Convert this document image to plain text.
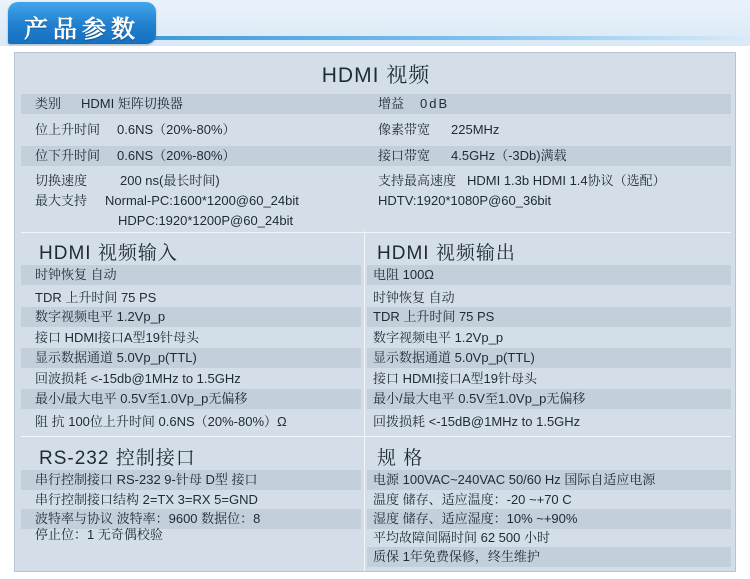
产品参数
HDMI 视频
类别 HDMI 矩阵切换器	增益 0dB
位上升时间 0.6NS（20%-80%）	像素带宽 225MHz
位下升时间 0.6NS（20%-80%）	接口带宽 4.5GHz（-3Db)满载
切换速度	200 ns(最长时间)	支持最高速度 HDMI 1.3b HDMI 1.4协议（选配）
最大支持 Normal-PC:1600*1200@60_24bit	HDTV:1920*1080P@60_36bit
HDPC:1920*1200P@60_24bit
HDMI 视频输入
时钟恢复 自动
TDR 上升时间 75 PS
数字视频电平 1.2Vp_p
接口 HDMI接口A型19针母头
显示数据通道 5.0Vp_p(TTL)
回波损耗 <-15db@1MHz to 1.5GHz
最小/最大电平 0.5V至1.0Vp_p无偏移
阻 抗 100位上升时间 0.6NS（20%-80%）Ω
HDMI 视频输出
电阻 100Ω
时钟恢复 自动
TDR 上升时间 75 PS
数字视频电平 1.2Vp_p
显示数据通道 5.0Vp_p(TTL)
接口 HDMI接口A型19针母头
最小/最大电平 0.5V至1.0Vp_p无偏移
回拨损耗 <-15dB@1MHz to 1.5GHz
RS-232 控制接口
串行控制接口 RS-232 9-针母 D型 接口
串行控制接口结构 2=TX 3=RX 5=GND
波特率与协议 波特率：9600 数据位：8
停止位：1 无奇偶校验
规 格
电源 100VAC~240VAC 50/60 Hz 国际自适应电源
温度 储存、适应温度：-20 ~+70 C
湿度 储存、适应湿度：10% ~+90%
平均故障间隔时间 62 500 小时
质保 1年免费保修，终生维护
